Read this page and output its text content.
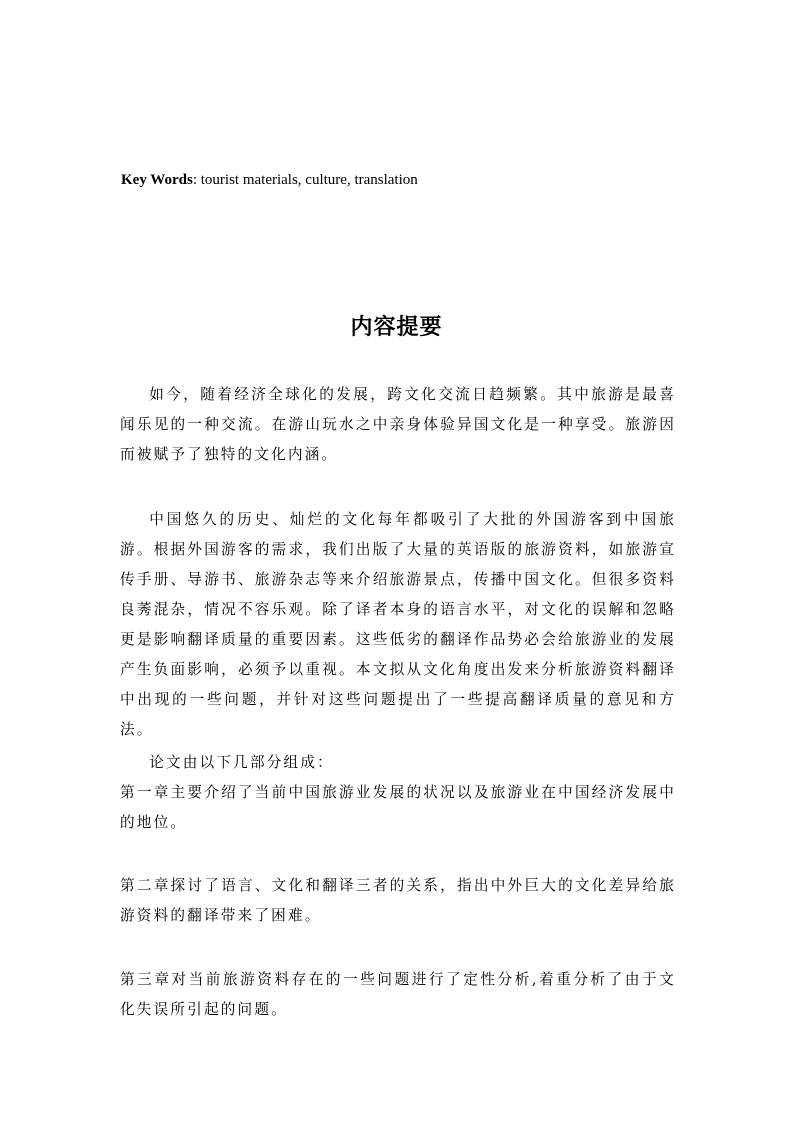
Key Words: tourist materials, culture, translation
内容提要

如今，随着经济全球化的发展，跨文化交流日趋频繁。其中旅游是最喜闻乐见的一种交流。在游山玩水之中亲身体验异国文化是一种享受。旅游因而被赋予了独特的文化内涵。

中国悠久的历史、灿烂的文化每年都吸引了大批的外国游客到中国旅游。根据外国游客的需求，我们出版了大量的英语版的旅游资料，如旅游宣传手册、导游书、旅游杂志等来介绍旅游景点，传播中国文化。但很多资料良莠混杂，情况不容乐观。除了译者本身的语言水平，对文化的误解和忽略更是影响翻译质量的重要因素。这些低劣的翻译作品势必会给旅游业的发展产生负面影响，必须予以重视。本文拟从文化角度出发来分析旅游资料翻译中出现的一些问题，并针对这些问题提出了一些提高翻译质量的意见和方法。

论文由以下几部分组成：
第一章主要介绍了当前中国旅游业发展的状况以及旅游业在中国经济发展中的地位。

第二章探讨了语言、文化和翻译三者的关系，指出中外巨大的文化差异给旅游资料的翻译带来了困难。

第三章对当前旅游资料存在的一些问题进行了定性分析,着重分析了由于文化失误所引起的问题。
